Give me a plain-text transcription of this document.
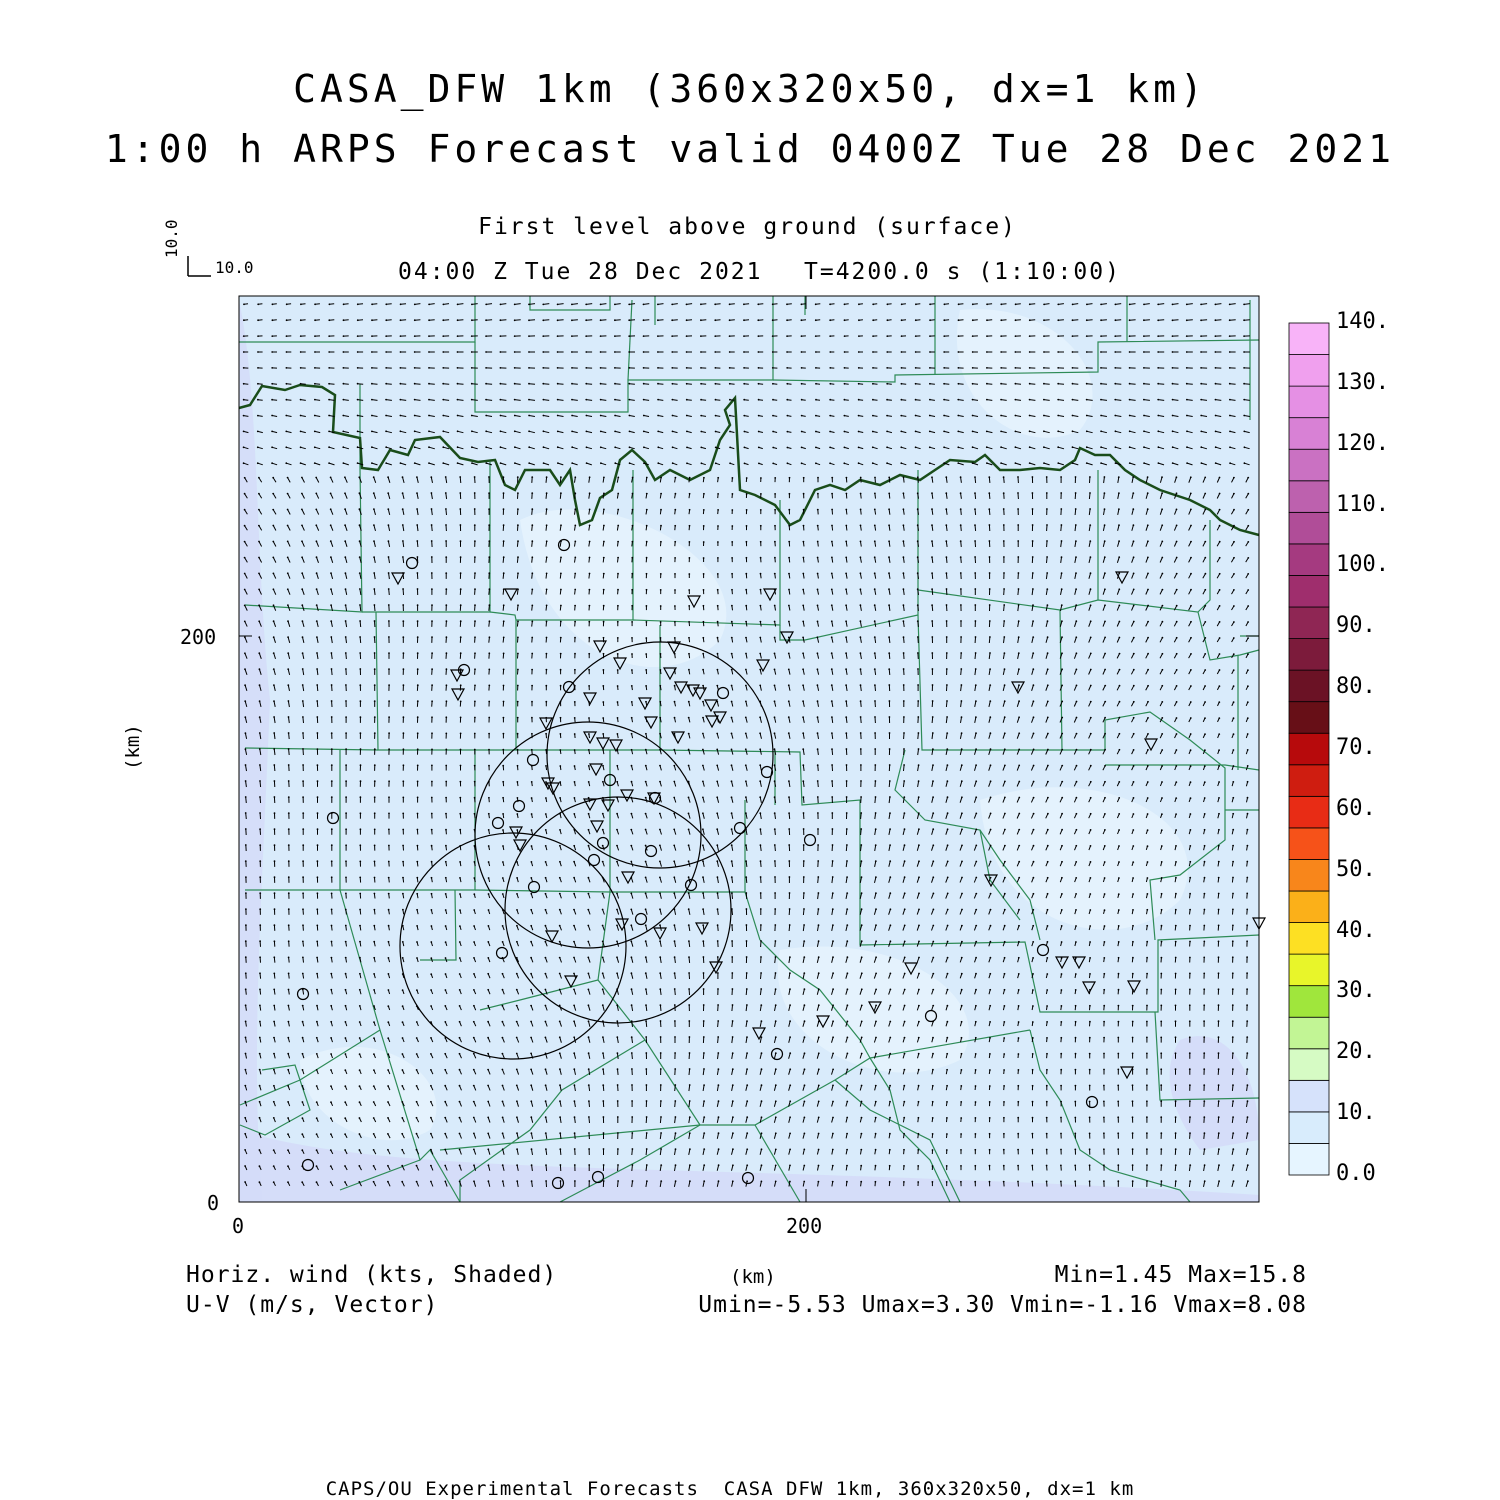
CASA_DFW 1km (360x320x50, dx=1 km)
1:00 h ARPS Forecast valid 0400Z Tue 28 Dec 2021
First level above ground (surface)
04:00 Z Tue 28 Dec 2021 T=4200.0 s (1:10:00)
10.0
10.0
0
200
0	200
(km)
(km)
140.
130.
120.
110.
100.
90.
80.
70.
60.
50.
40.
30.
20.
10.
0.0
Horiz. wind (kts, Shaded)
U-V (m/s, Vector)
Min=1.45 Max=15.8
Umin=-5.53 Umax=3.30 Vmin=-1.16 Vmax=8.08
CAPS/OU Experimental Forecasts  CASA DFW 1km, 360x320x50, dx=1 km
